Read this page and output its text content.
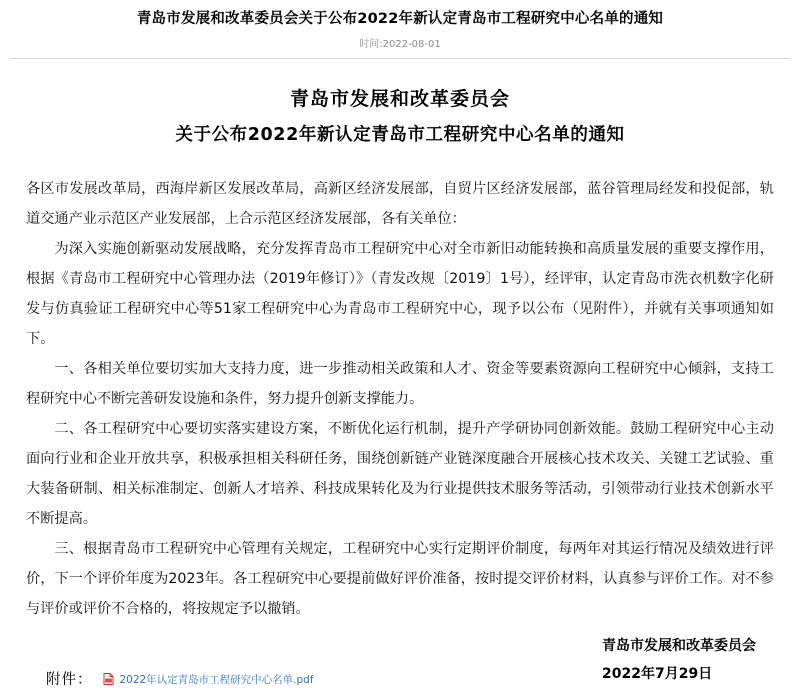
青岛市发展和改革委员会关于公布2022年新认定青岛市工程研究中心名单的通知
时间:2022-08-01
青岛市发展和改革委员会
关于公布2022年新认定青岛市工程研究中心名单的通知

各区市发展改革局，西海岸新区发展改革局，高新区经济发展部，自贸片区经济发展部，蓝谷管理局经发和投促部，轨道交通产业示范区产业发展部，上合示范区经济发展部，各有关单位：

为深入实施创新驱动发展战略，充分发挥青岛市工程研究中心对全市新旧动能转换和高质量发展的重要支撑作用，根据《青岛市工程研究中心管理办法（2019年修订）》（青发改规〔2019〕1号），经评审，认定青岛市洗衣机数字化研发与仿真验证工程研究中心等51家工程研究中心为青岛市工程研究中心，现予以公布（见附件），并就有关事项通知如下。

一、各相关单位要切实加大支持力度，进一步推动相关政策和人才、资金等要素资源向工程研究中心倾斜，支持工程研究中心不断完善研发设施和条件，努力提升创新支撑能力。

二、各工程研究中心要切实落实建设方案，不断优化运行机制，提升产学研协同创新效能。鼓励工程研究中心主动面向行业和企业开放共享，积极承担相关科研任务，围绕创新链产业链深度融合开展核心技术攻关、关键工艺试验、重大装备研制、相关标准制定、创新人才培养、科技成果转化及为行业提供技术服务等活动，引领带动行业技术创新水平不断提高。

三、根据青岛市工程研究中心管理有关规定，工程研究中心实行定期评价制度，每两年对其运行情况及绩效进行评价，下一个评价年度为2023年。各工程研究中心要提前做好评价准备，按时提交评价材料，认真参与评价工作。对不参与评价或评价不合格的，将按规定予以撤销。

附件：	2022年认定青岛市工程研究中心名单.pdf
青岛市发展和改革委员会
2022年7月29日
